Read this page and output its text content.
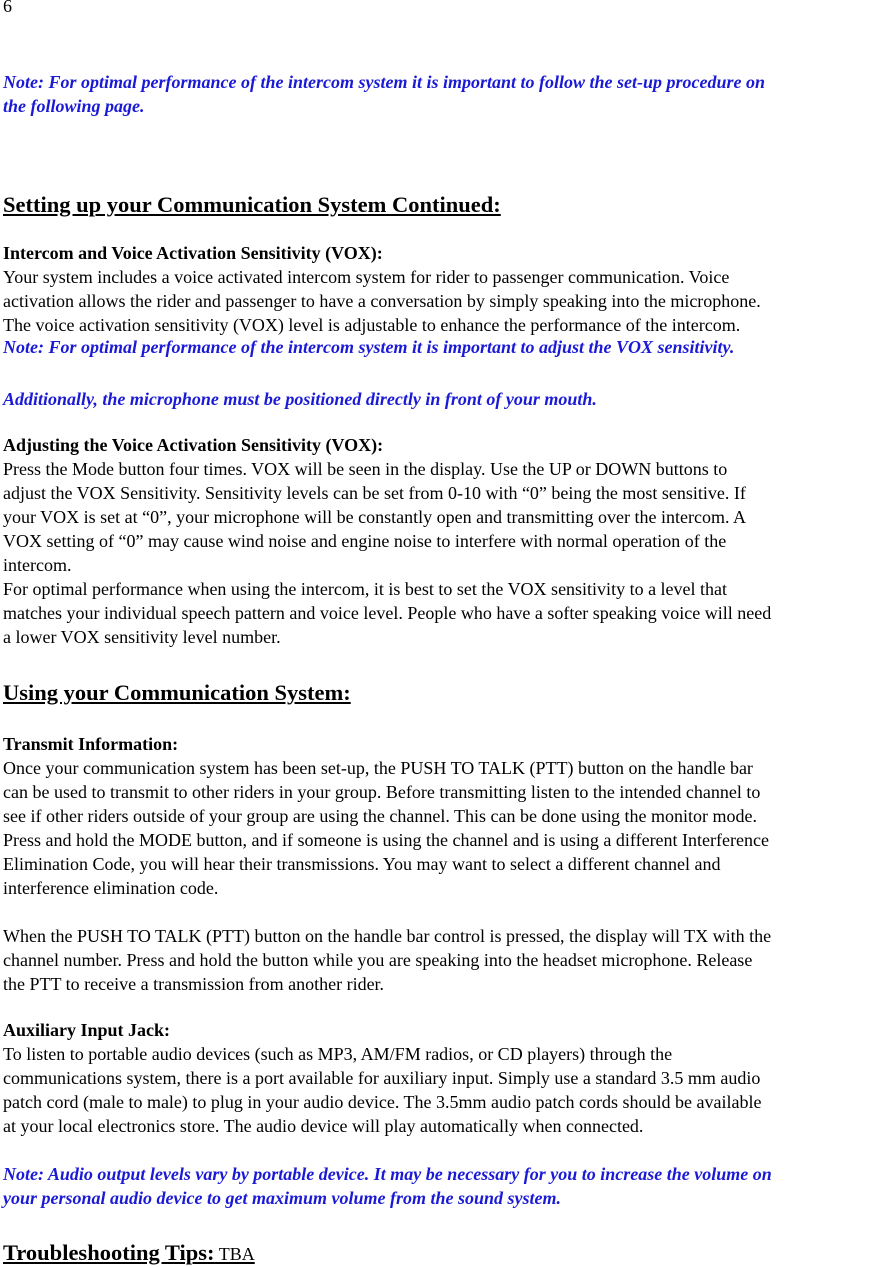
6

Note: For optimal performance of the intercom system it is important to follow the set-up procedure on

the following page.

Setting up your Communication System Continued:

Intercom and Voice Activation Sensitivity (VOX):

Your system includes a voice activated intercom system for rider to passenger communication. Voice

activation allows the rider and passenger to have a conversation by simply speaking into the microphone.

The voice activation sensitivity (VOX) level is adjustable to enhance the performance of the intercom.

Note: For optimal performance of the intercom system it is important to adjust the VOX sensitivity.

Additionally, the microphone must be positioned directly in front of your mouth.

Adjusting the Voice Activation Sensitivity (VOX):

Press the Mode button four times. VOX will be seen in the display. Use the UP or DOWN buttons to

adjust the VOX Sensitivity. Sensitivity levels can be set from 0-10 with “0” being the most sensitive. If

your VOX is set at “0”, your microphone will be constantly open and transmitting over the intercom. A

VOX setting of “0” may cause wind noise and engine noise to interfere with normal operation of the

intercom.

For optimal performance when using the intercom, it is best to set the VOX sensitivity to a level that

matches your individual speech pattern and voice level. People who have a softer speaking voice will need

a lower VOX sensitivity level number.

Using your Communication System:

Transmit Information:

Once your communication system has been set-up, the PUSH TO TALK (PTT) button on the handle bar

can be used to transmit to other riders in your group. Before transmitting listen to the intended channel to

see if other riders outside of your group are using the channel. This can be done using the monitor mode.

Press and hold the MODE button, and if someone is using the channel and is using a different Interference

Elimination Code, you will hear their transmissions. You may want to select a different channel and

interference elimination code.

When the PUSH TO TALK (PTT) button on the handle bar control is pressed, the display will TX with the

channel number. Press and hold the button while you are speaking into the headset microphone. Release

the PTT to receive a transmission from another rider.

Auxiliary Input Jack:

To listen to portable audio devices (such as MP3, AM/FM radios, or CD players) through the

communications system, there is a port available for auxiliary input. Simply use a standard 3.5 mm audio

patch cord (male to male) to plug in your audio device. The 3.5mm audio patch cords should be available

at your local electronics store. The audio device will play automatically when connected.

Note: Audio output levels vary by portable device. It may be necessary for you to increase the volume on

your personal audio device to get maximum volume from the sound system.

Troubleshooting Tips: TBA
